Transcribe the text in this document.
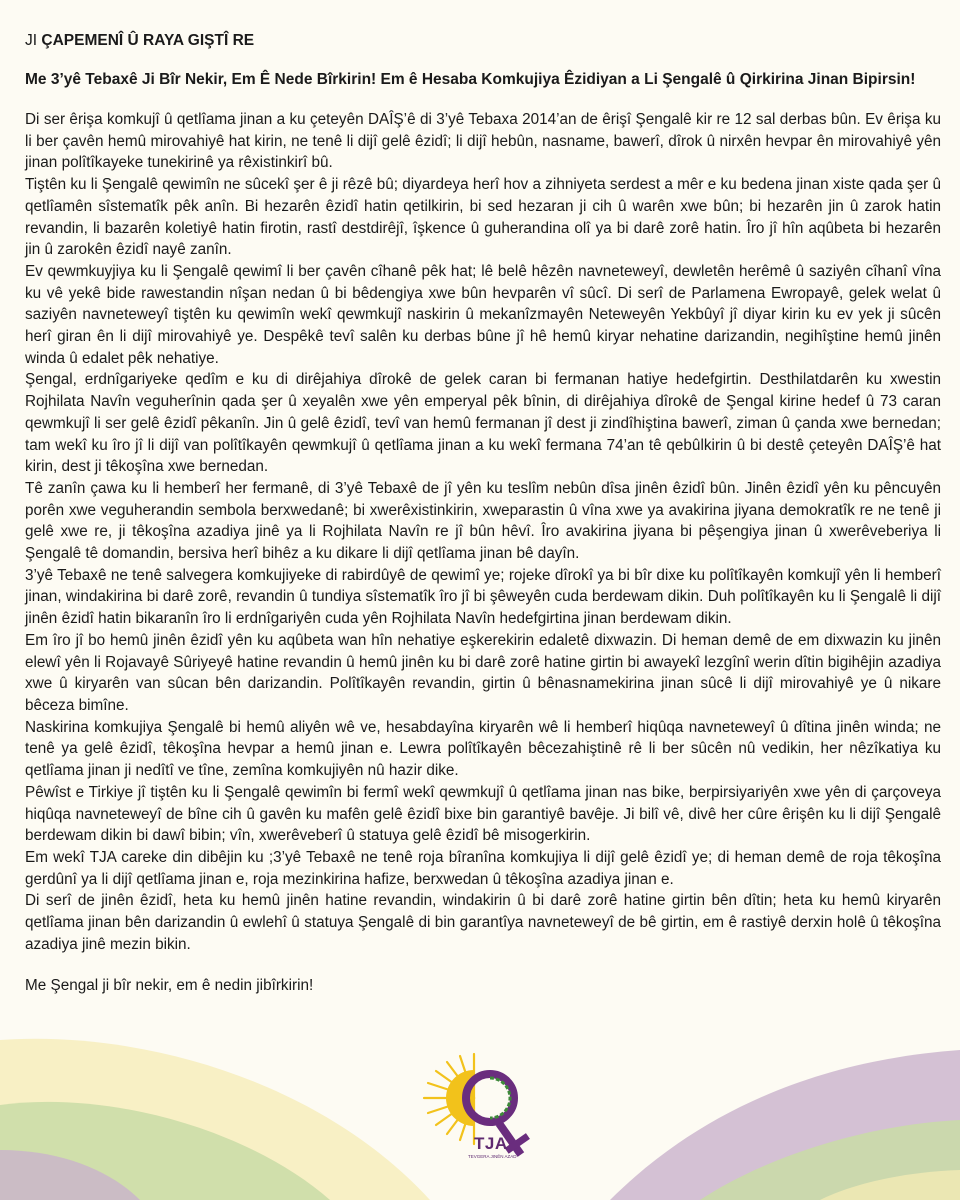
JI ÇAPEMENÎ Û RAYA GIŞTÎ RE
Me 3’yê Tebaxê Ji Bîr Nekir, Em Ê Nede Bîrkirin! Em ê Hesaba Komkujiya Êzidiyan a Li Şengalê û Qirkirina Jinan Bipirsin!

Di ser êrişa komkujî û qetlîama jinan a ku çeteyên DAÎŞ’ê di 3’yê Tebaxa 2014’an de êrişî Şengalê kir re 12 sal derbas bûn. Ev êrişa ku li ber çavên hemû mirovahiyê hat kirin, ne tenê li dijî gelê êzidî; li dijî hebûn, nasname, bawerî, dîrok û nirxên hevpar ên mirovahiyê yên jinan polîtîkayeke tunekirinê ya rêxistinkirî bû.

Tiştên ku li Şengalê qewimîn ne sûcekî şer ê ji rêzê bû; diyardeya herî hov a zihniyeta serdest a mêr e ku bedena jinan xiste qada şer û qetlîamên sîstematîk pêk anîn. Bi hezarên êzidî hatin qetilkirin, bi sed hezaran ji cih û warên xwe bûn; bi hezarên jin û zarok hatin revandin, li bazarên koletiyê hatin firotin, rastî destdirêjî, îşkence û guherandina olî ya bi darê zorê hatin. Îro jî hîn aqûbeta bi hezarên jin û zarokên êzidî nayê zanîn.

Ev qewmkuyjiya ku li Şengalê qewimî li ber çavên cîhanê pêk hat; lê belê hêzên navneteweyî, dewletên herêmê û saziyên cîhanî vîna ku vê yekê bide rawestandin nîşan nedan û bi bêdengiya xwe bûn hevparên vî sûcî. Di serî de Parlamena Ewropayê, gelek welat û saziyên navneteweyî tiştên ku qewimîn wekî qewmkujî naskirin û mekanîzmayên Neteweyên Yekbûyî jî diyar kirin ku ev yek ji sûcên herî giran ên li dijî mirovahiyê ye. Despêkê tevî salên ku derbas bûne jî hê hemû kiryar nehatine darizandin, negihîştine hemû jinên winda û edalet pêk nehatiye.

Şengal, erdnîgariyeke qedîm e ku di dirêjahiya dîrokê de gelek caran bi fermanan hatiye hedefgirtin. Desthilatdarên ku xwestin Rojhilata Navîn veguherînin qada şer û xeyalên xwe yên emperyal pêk bînin, di dirêjahiya dîrokê de Şengal kirine hedef û 73 caran qewmkujî li ser gelê êzidî pêkanîn. Jin û gelê êzidî, tevî van hemû fermanan jî dest ji zindîhiştina bawerî, ziman û çanda xwe bernedan; tam wekî ku îro jî li dijî van polîtîkayên qewmkujî û qetlîama jinan a ku wekî fermana 74’an tê qebûlkirin û bi destê çeteyên DAÎŞ’ê hat kirin, dest ji têkoşîna xwe bernedan.

Tê zanîn çawa ku li hemberî her fermanê, di 3’yê Tebaxê de jî yên ku teslîm nebûn dîsa jinên êzidî bûn. Jinên êzidî yên ku pêncuyên porên xwe veguherandin sembola berxwedanê; bi xwerêxistinkirin, xweparastin û vîna xwe ya avakirina jiyana demokratîk re ne tenê ji gelê xwe re, ji têkoşîna azadiya jinê ya li Rojhilata Navîn re jî bûn hêvî. Îro avakirina jiyana bi pêşengiya jinan û xwerêveberiya li Şengalê tê domandin, bersiva herî bihêz a ku dikare li dijî qetlîama jinan bê dayîn.

3’yê Tebaxê ne tenê salvegera komkujiyeke di rabirdûyê de qewimî ye; rojeke dîrokî ya bi bîr dixe ku polîtîkayên komkujî yên li hemberî jinan, windakirina bi darê zorê, revandin û tundiya sîstematîk îro jî bi şêweyên cuda berdewam dikin. Duh polîtîkayên ku li Şengalê li dijî jinên êzidî hatin bikaranîn îro li erdnîgariyên cuda yên Rojhilata Navîn hedefgirtina jinan berdewam dikin.

Em îro jî bo hemû jinên êzidî yên ku aqûbeta wan hîn nehatiye eşkerekirin edaletê dixwazin. Di heman demê de em dixwazin ku jinên elewî yên li Rojavayê Sûriyeyê hatine revandin û hemû jinên ku bi darê zorê hatine girtin bi awayekî lezgînî werin dîtin bigihêjin azadiya xwe û kiryarên van sûcan bên darizandin. Polîtîkayên revandin, girtin û bênasnamekirina jinan sûcê li dijî mirovahiyê ye û nikare bêceza bimîne.

Naskirina komkujiya Şengalê bi hemû aliyên wê ve, hesabdayîna kiryarên wê li hemberî hiqûqa navneteweyî û dîtina jinên winda; ne tenê ya gelê êzidî, têkoşîna hevpar a hemû jinan e. Lewra polîtîkayên bêcezahiştinê rê li ber sûcên nû vedikin, her nêzîkatiya ku qetlîama jinan ji nedîtî ve tîne, zemîna komkujiyên nû hazir dike.

Pêwîst e Tirkiye jî tiştên ku li Şengalê qewimîn bi fermî wekî qewmkujî û qetlîama jinan nas bike, berpirsiyariyên xwe yên di çarçoveya hiqûqa navneteweyî de bîne cih û gavên ku mafên gelê êzidî bixe bin garantiyê bavêje. Ji bilî vê, divê her cûre êrişên ku li dijî Şengalê berdewam dikin bi dawî bibin; vîn, xwerêveberî û statuya gelê êzidî bê misogerkirin.

Em wekî TJA careke din dibêjin ku ;3’yê Tebaxê ne tenê roja bîranîna komkujiya li dijî gelê êzidî ye; di heman demê de roja têkoşîna gerdûnî ya li dijî qetlîama jinan e, roja mezinkirina hafize, berxwedan û têkoşîna azadiya jinan e.

Di serî de jinên êzidî, heta ku hemû jinên hatine revandin, windakirin û bi darê zorê hatine girtin bên dîtin; heta ku hemû kiryarên qetlîama jinan bên darizandin û ewlehî û statuya Şengalê di bin garantîya navneteweyî de bê girtin, em ê rastiyê derxin holê û têkoşîna azadiya jinê mezin bikin.

Me Şengal ji bîr nekir, em ê nedin jibîrkirin!

TJA
TEVGERA JINÊN AZAD
